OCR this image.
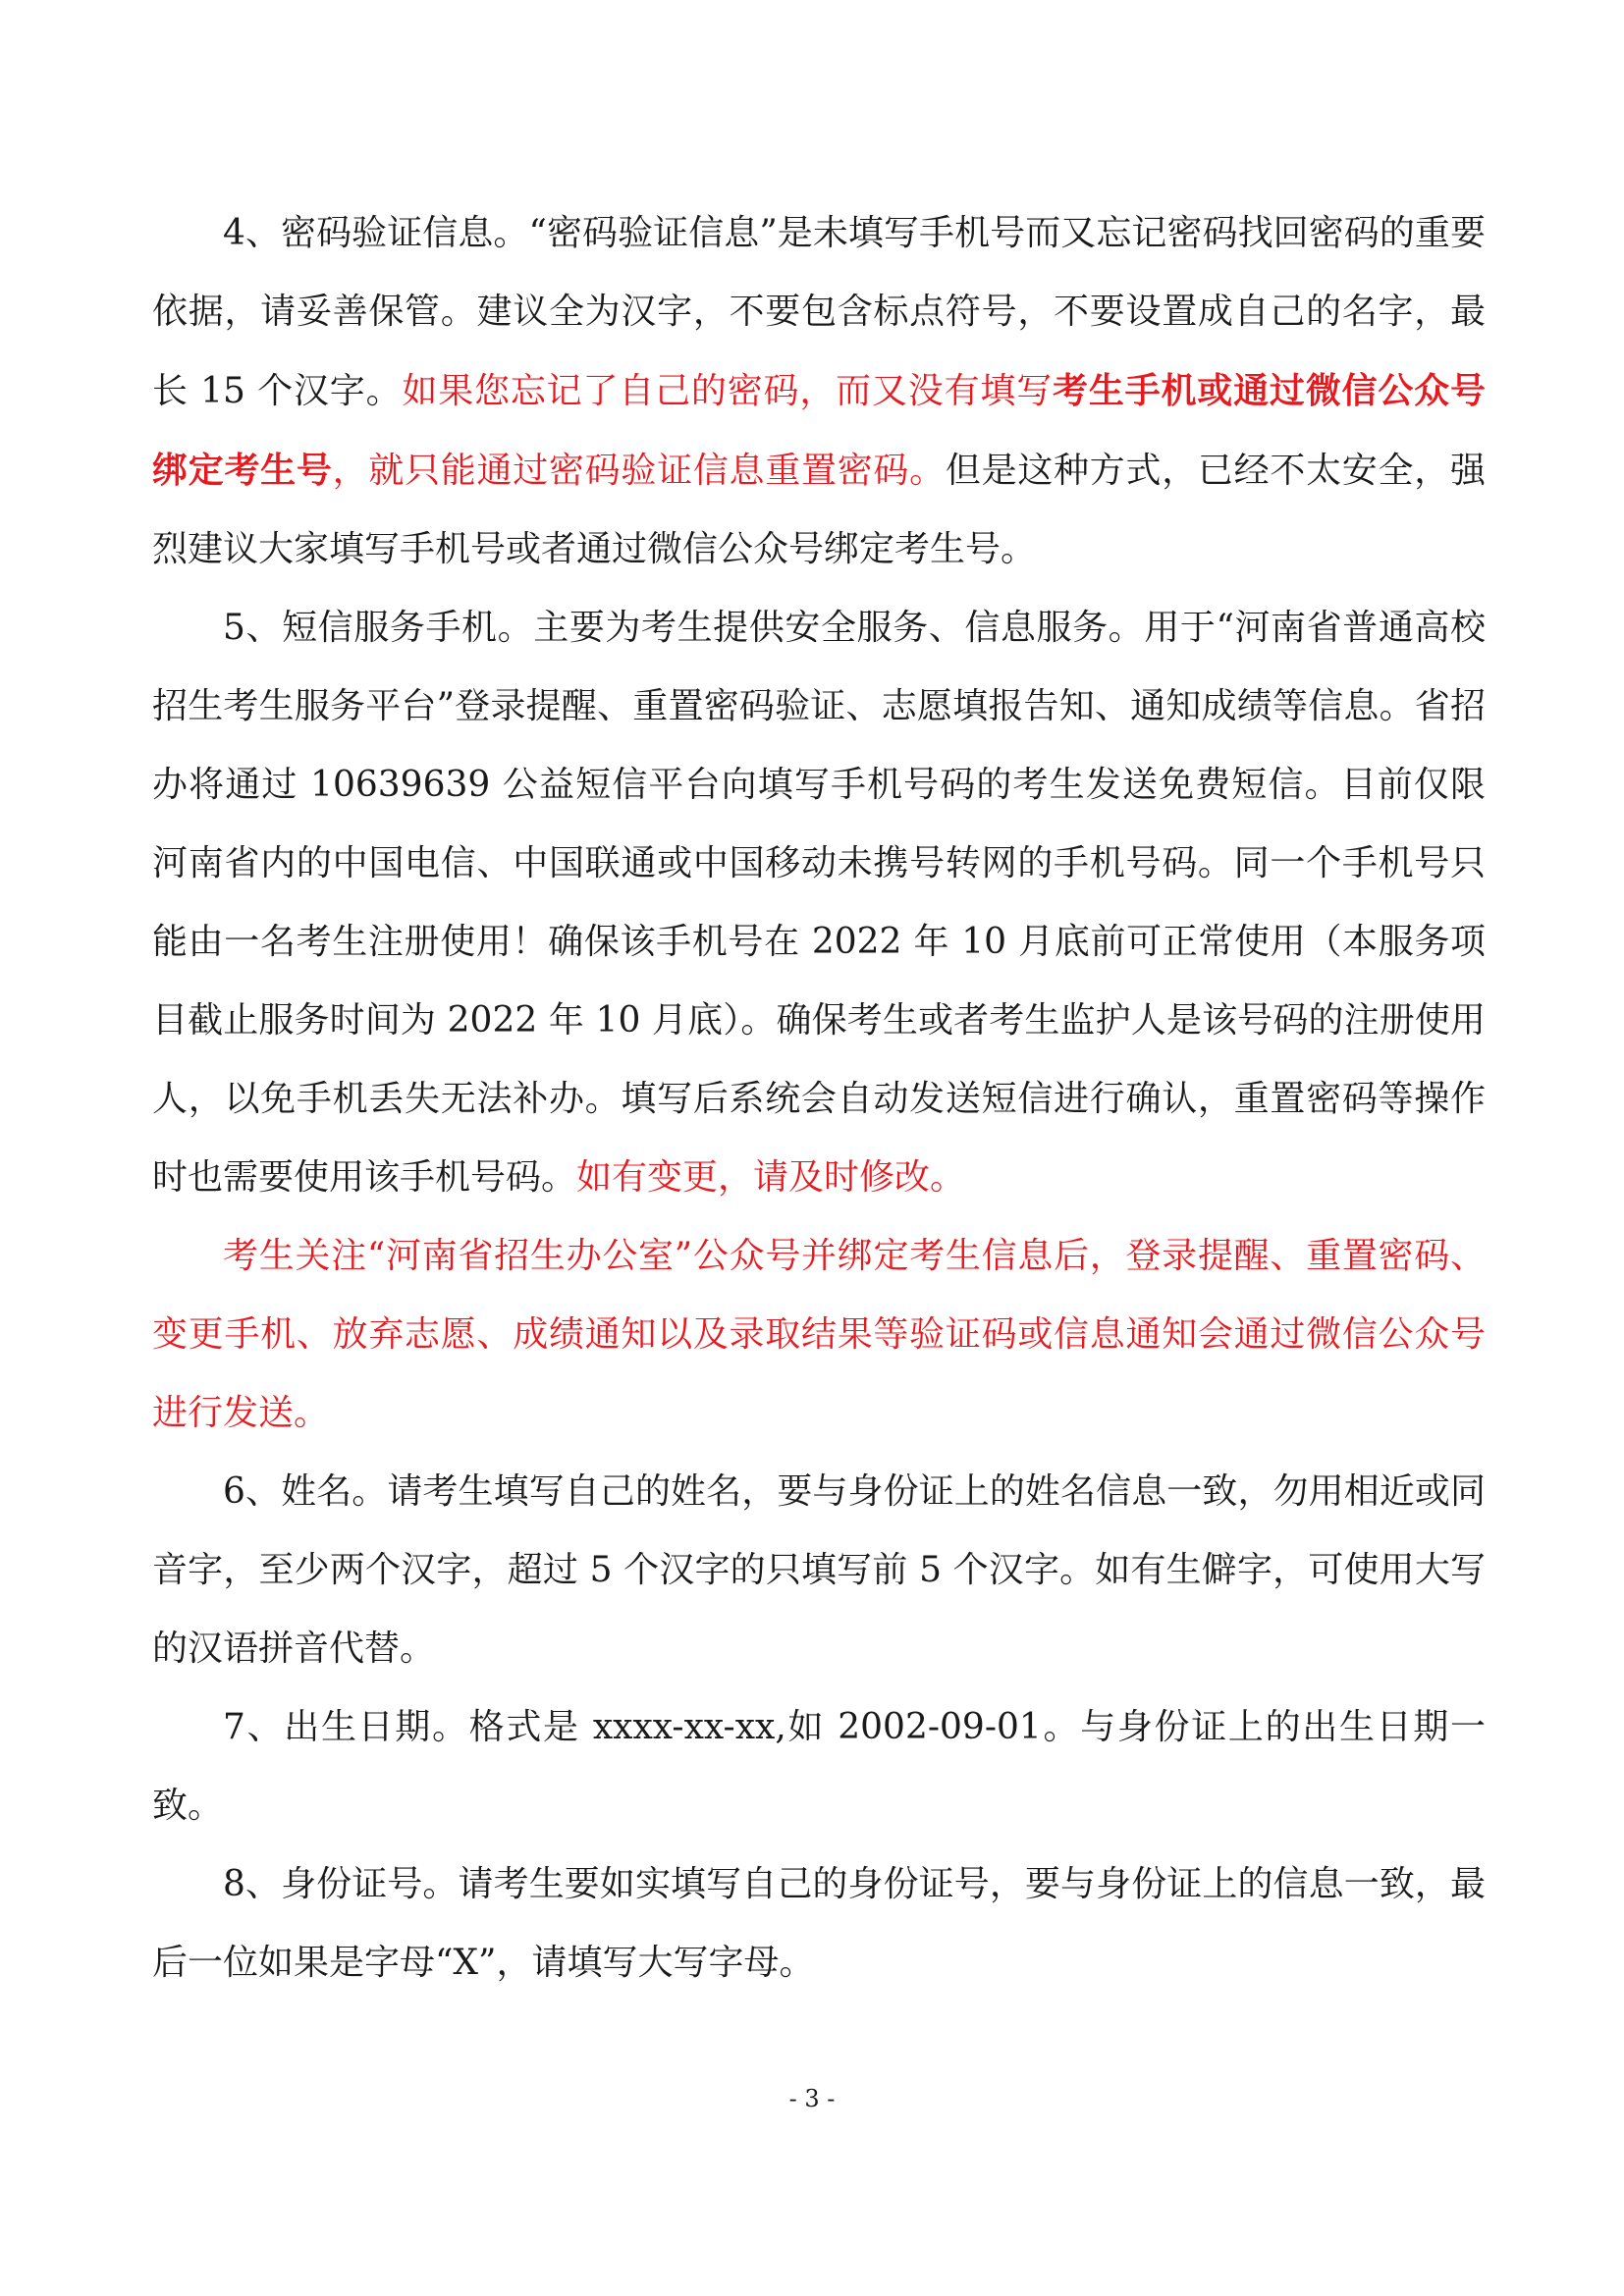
4、密码验证信息。“密码验证信息”是未填写手机号而又忘记密码找回密码的重要依据，请妥善保管。建议全为汉字，不要包含标点符号，不要设置成自己的名字，最长 15 个汉字。如果您忘记了自己的密码，而又没有填写考生手机或通过微信公众号绑定考生号，就只能通过密码验证信息重置密码。但是这种方式，已经不太安全，强烈建议大家填写手机号或者通过微信公众号绑定考生号。

5、短信服务手机。主要为考生提供安全服务、信息服务。用于“河南省普通高校招生考生服务平台”登录提醒、重置密码验证、志愿填报告知、通知成绩等信息。省招办将通过 10639639 公益短信平台向填写手机号码的考生发送免费短信。目前仅限河南省内的中国电信、中国联通或中国移动未携号转网的手机号码。同一个手机号只能由一名考生注册使用！确保该手机号在 2022 年 10 月底前可正常使用（本服务项目截止服务时间为 2022 年 10 月底）。确保考生或者考生监护人是该号码的注册使用人，以免手机丢失无法补办。填写后系统会自动发送短信进行确认，重置密码等操作时也需要使用该手机号码。如有变更，请及时修改。

考生关注“河南省招生办公室”公众号并绑定考生信息后，登录提醒、重置密码、变更手机、放弃志愿、成绩通知以及录取结果等验证码或信息通知会通过微信公众号进行发送。

6、姓名。请考生填写自己的姓名，要与身份证上的姓名信息一致，勿用相近或同音字，至少两个汉字，超过 5 个汉字的只填写前 5 个汉字。如有生僻字，可使用大写的汉语拼音代替。

7、出生日期。格式是 xxxx-xx-xx,如 2002-09-01。与身份证上的出生日期一致。

8、身份证号。请考生要如实填写自己的身份证号，要与身份证上的信息一致，最后一位如果是字母“X”，请填写大写字母。

- 3 -
